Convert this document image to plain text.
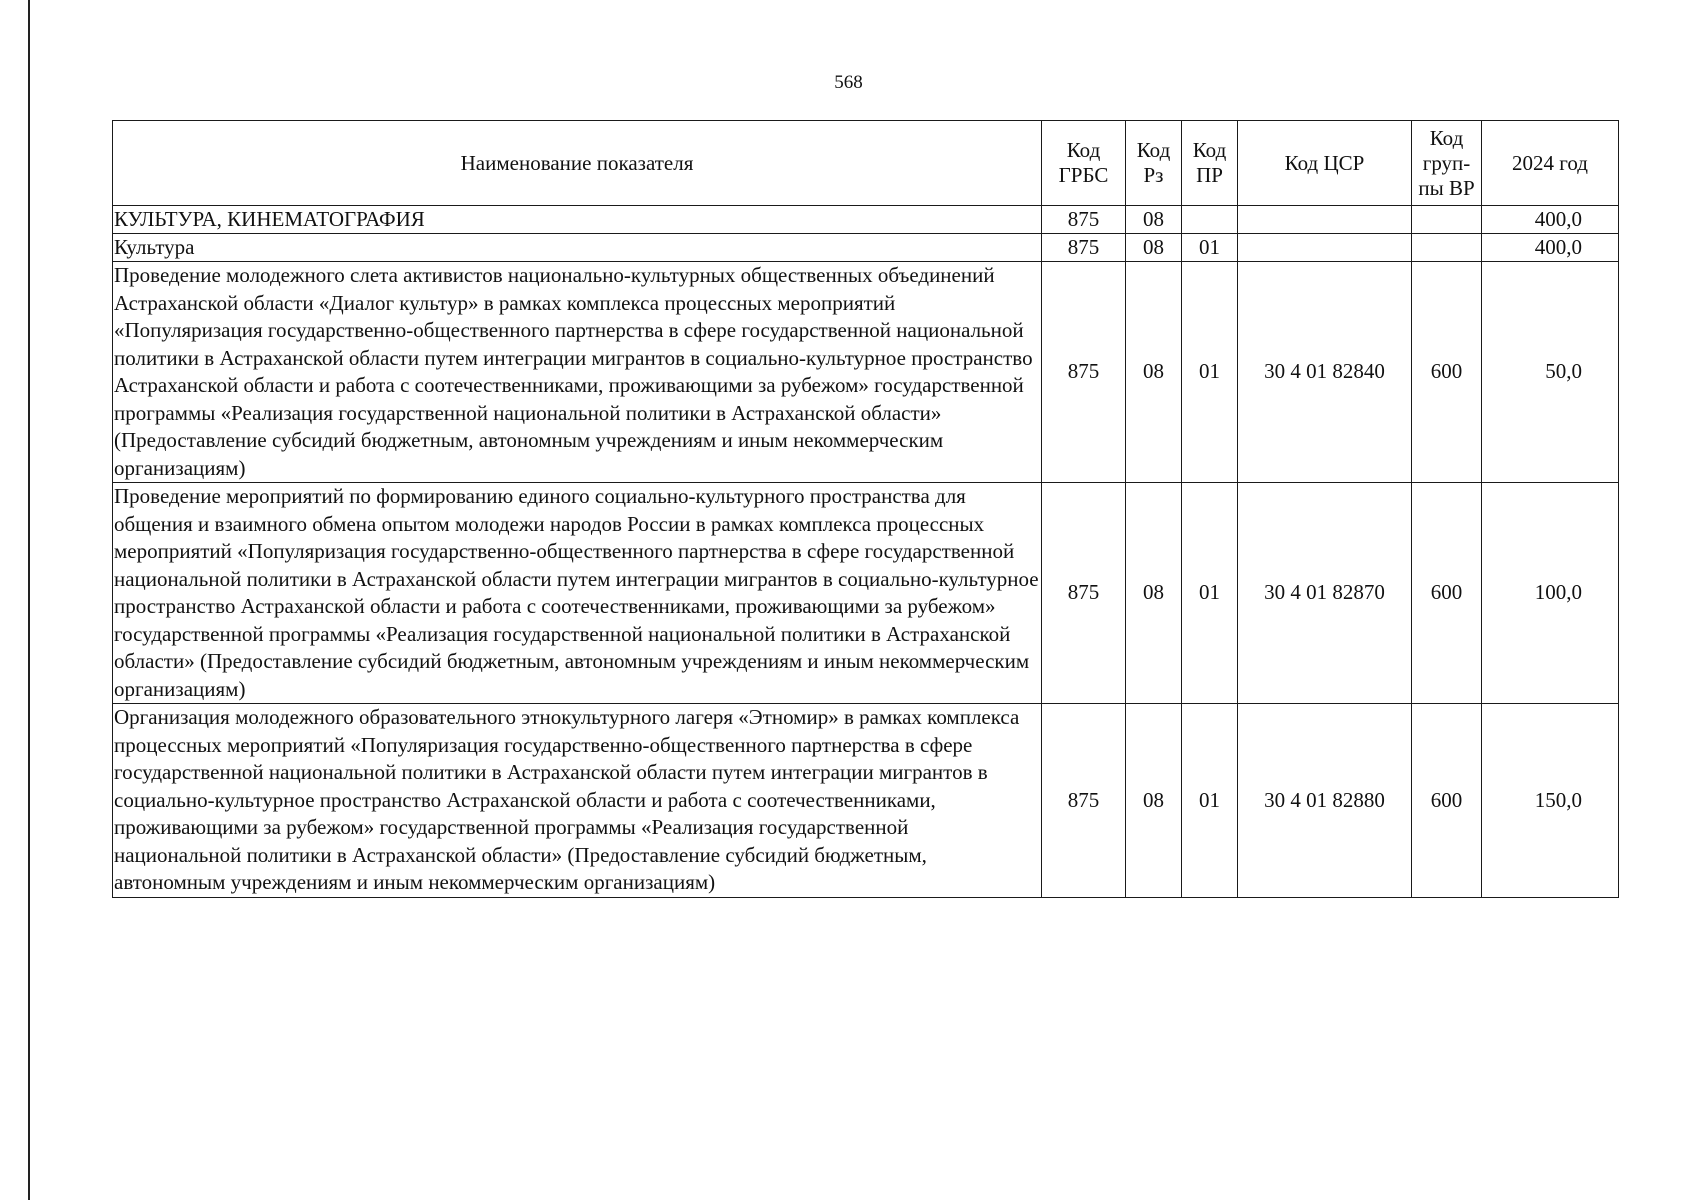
568
Наименование показателя	Код ГРБС	Код Рз	Код ПР	Код ЦСР	Код груп-пы ВР	2024 год
КУЛЬТУРА, КИНЕМАТОГРАФИЯ	875	08				400,0
Культура	875	08	01			400,0
Проведение молодежного слета активистов национально-культурных общественных объединений Астраханской области «Диалог культур» в рамках комплекса процессных мероприятий «Популяризация государственно-общественного партнерства в сфере государственной национальной политики в Астраханской области путем интеграции мигрантов в социально-культурное пространство Астраханской области и работа с соотечественниками, проживающими за рубежом» государственной программы «Реализация государственной национальной политики в Астраханской области» (Предоставление субсидий бюджетным, автономным учреждениям и иным некоммерческим организациям)	875	08	01	30 4 01 82840	600	50,0
Проведение мероприятий по формированию единого социально-культурного пространства для общения и взаимного обмена опытом молодежи народов России в рамках комплекса процессных мероприятий «Популяризация государственно-общественного партнерства в сфере государственной национальной политики в Астраханской области путем интеграции мигрантов в социально-культурное пространство Астраханской области и работа с соотечественниками, проживающими за рубежом» государственной программы «Реализация государственной национальной политики в Астраханской области» (Предоставление субсидий бюджетным, автономным учреждениям и иным некоммерческим организациям)	875	08	01	30 4 01 82870	600	100,0
Организация молодежного образовательного этнокультурного лагеря «Этномир» в рамках комплекса процессных мероприятий «Популяризация государственно-общественного партнерства в сфере государственной национальной политики в Астраханской области путем интеграции мигрантов в социально-культурное пространство Астраханской области и работа с соотечественниками, проживающими за рубежом» государственной программы «Реализация государственной национальной политики в Астраханской области» (Предоставление субсидий бюджетным, автономным учреждениям и иным некоммерческим организациям)	875	08	01	30 4 01 82880	600	150,0
